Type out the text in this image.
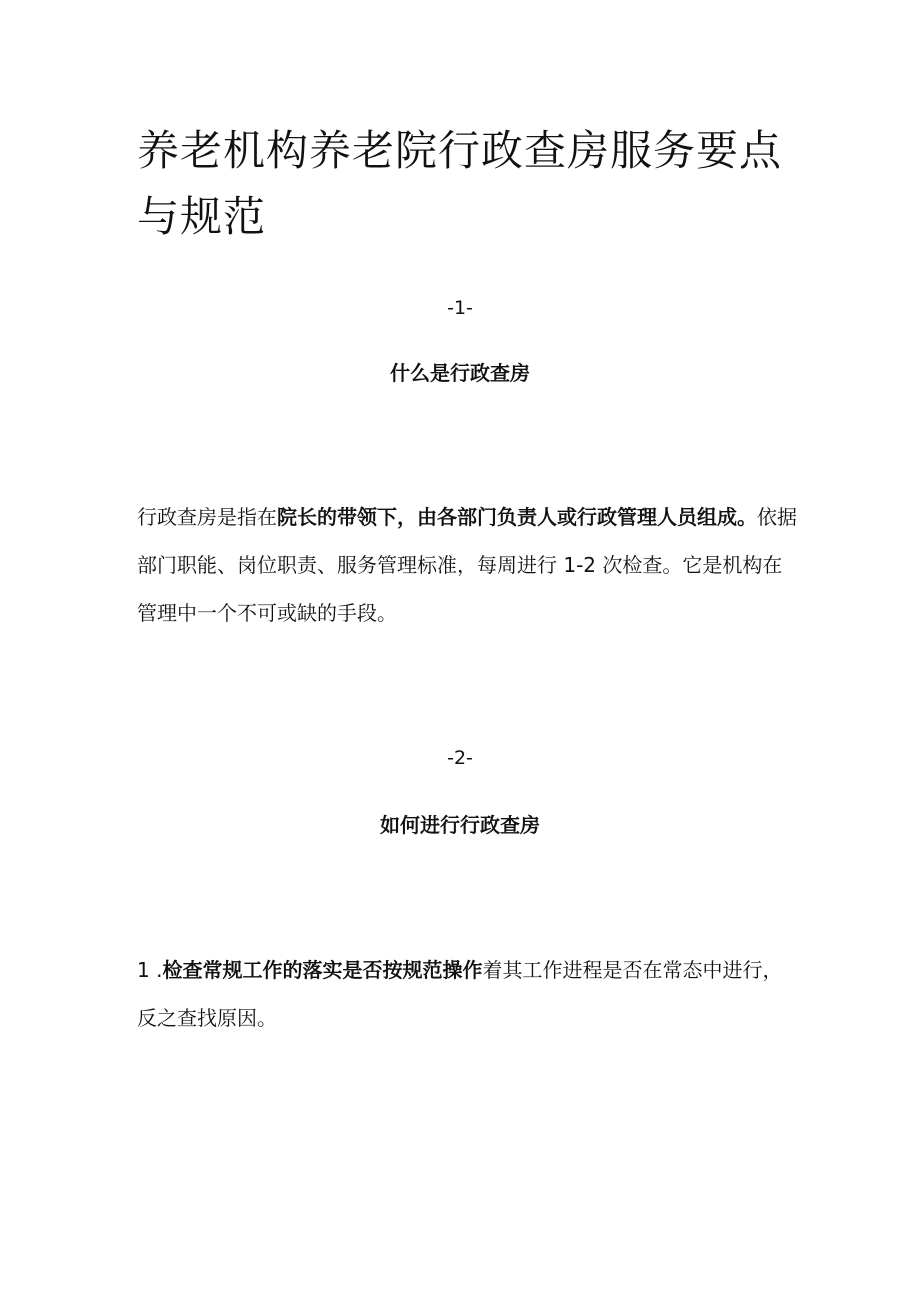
养老机构养老院行政查房服务要点与规范
-1-
什么是行政查房

行政查房是指在院长的带领下，由各部门负责人或行政管理人员组成。依据部门职能、岗位职责、服务管理标准，每周进行 1-2 次检查。它是机构在管理中一个不可或缺的手段。

-2-
如何进行行政查房

1 .检查常规工作的落实是否按规范操作着其工作进程是否在常态中进行，反之查找原因。
